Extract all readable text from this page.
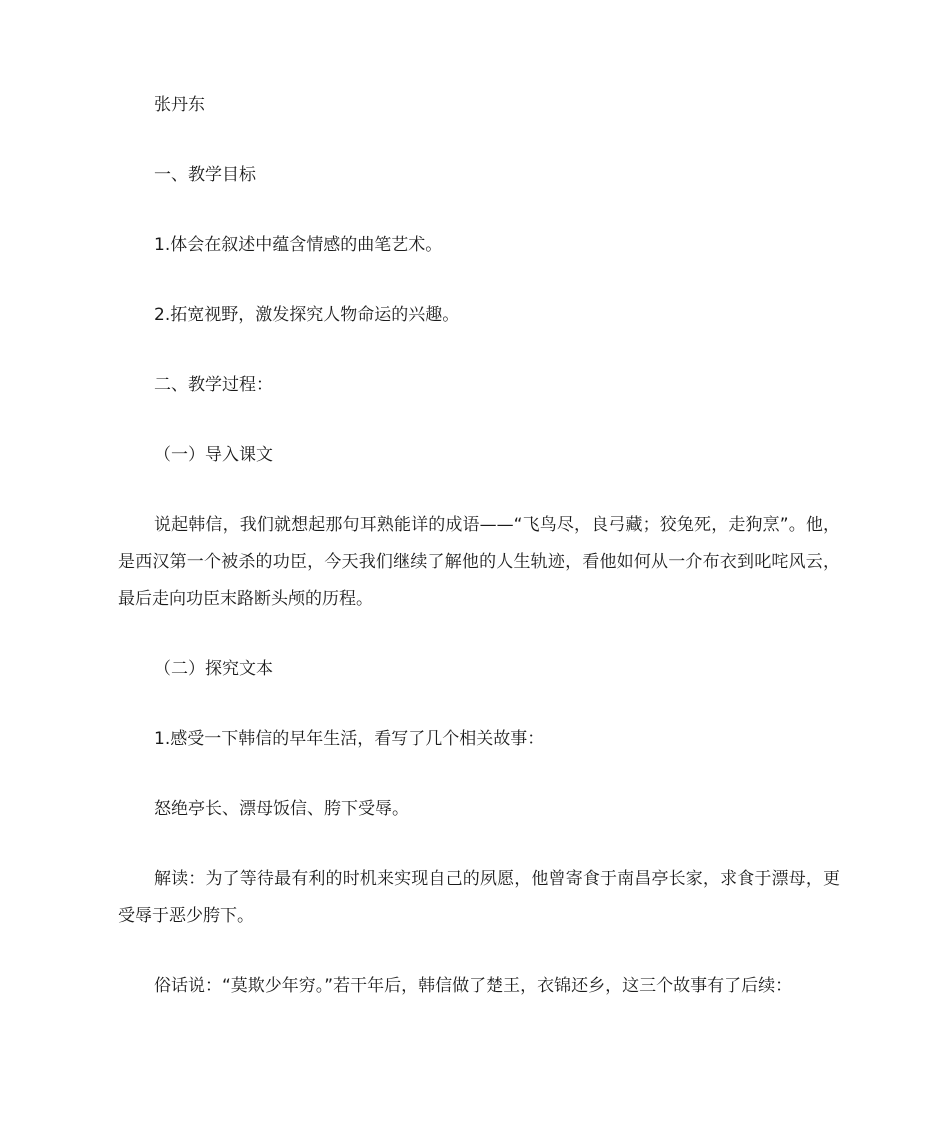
张丹东

一、教学目标

1.体会在叙述中蕴含情感的曲笔艺术。

2.拓宽视野，激发探究人物命运的兴趣。

二、教学过程：

（一）导入课文

说起韩信，我们就想起那句耳熟能详的成语——“飞鸟尽，良弓藏；狡兔死，走狗烹”。他，是西汉第一个被杀的功臣，今天我们继续了解他的人生轨迹，看他如何从一介布衣到叱咤风云，最后走向功臣末路断头颅的历程。

（二）探究文本

1.感受一下韩信的早年生活，看写了几个相关故事：

怒绝亭长、漂母饭信、胯下受辱。

解读：为了等待最有利的时机来实现自己的夙愿，他曾寄食于南昌亭长家，求食于漂母，更受辱于恶少胯下。

俗话说：“莫欺少年穷。”若干年后，韩信做了楚王，衣锦还乡，这三个故事有了后续：
